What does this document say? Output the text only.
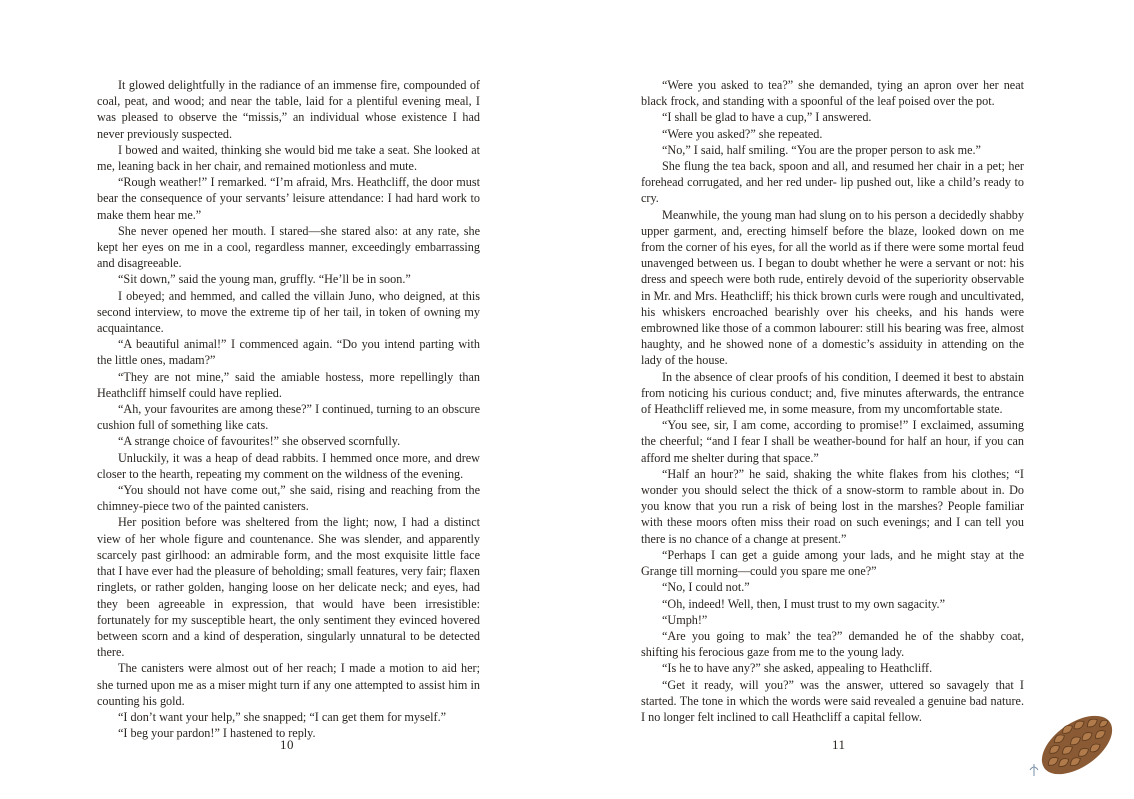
It glowed delightfully in the radiance of an immense fire, compounded of coal, peat, and wood; and near the table, laid for a plentiful evening meal, I was pleased to observe the “missis,” an individual whose existence I had never previously suspected.

I bowed and waited, thinking she would bid me take a seat. She looked at me, leaning back in her chair, and remained motionless and mute.

“Rough weather!” I remarked. “I’m afraid, Mrs. Heathcliff, the door must bear the consequence of your servants’ leisure attendance: I had hard work to make them hear me.”

She never opened her mouth. I stared—she stared also: at any rate, she kept her eyes on me in a cool, regardless manner, exceedingly embarrassing and disagreeable.

“Sit down,” said the young man, gruffly. “He’ll be in soon.”

I obeyed; and hemmed, and called the villain Juno, who deigned, at this second interview, to move the extreme tip of her tail, in token of owning my acquaintance.

“A beautiful animal!” I commenced again. “Do you intend parting with the little ones, madam?”

“They are not mine,” said the amiable hostess, more repellingly than Heathcliff himself could have replied.

“Ah, your favourites are among these?” I continued, turning to an obscure cushion full of something like cats.

“A strange choice of favourites!” she observed scornfully.

Unluckily, it was a heap of dead rabbits. I hemmed once more, and drew closer to the hearth, repeating my comment on the wildness of the evening.

“You should not have come out,” she said, rising and reaching from the chimney-piece two of the painted canisters.

Her position before was sheltered from the light; now, I had a distinct view of her whole figure and countenance. She was slender, and apparently scarcely past girlhood: an admirable form, and the most exquisite little face that I have ever had the pleasure of beholding; small features, very fair; flaxen ringlets, or rather golden, hanging loose on her delicate neck; and eyes, had they been agreeable in expression, that would have been irresistible: fortunately for my susceptible heart, the only sentiment they evinced hovered between scorn and a kind of desperation, singularly unnatural to be detected there.

The canisters were almost out of her reach; I made a motion to aid her; she turned upon me as a miser might turn if any one attempted to assist him in counting his gold.

“I don’t want your help,” she snapped; “I can get them for myself.”

“I beg your pardon!” I hastened to reply.

10

“Were you asked to tea?” she demanded, tying an apron over her neat black frock, and standing with a spoonful of the leaf poised over the pot.

“I shall be glad to have a cup,” I answered.

“Were you asked?” she repeated.

“No,” I said, half smiling. “You are the proper person to ask me.”

She flung the tea back, spoon and all, and resumed her chair in a pet; her forehead corrugated, and her red under- lip pushed out, like a child’s ready to cry.

Meanwhile, the young man had slung on to his person a decidedly shabby upper garment, and, erecting himself before the blaze, looked down on me from the corner of his eyes, for all the world as if there were some mortal feud unavenged between us. I began to doubt whether he were a servant or not: his dress and speech were both rude, entirely devoid of the superiority observable in Mr. and Mrs. Heathcliff; his thick brown curls were rough and uncultivated, his whiskers encroached bearishly over his cheeks, and his hands were embrowned like those of a common labourer: still his bearing was free, almost haughty, and he showed none of a domestic’s assiduity in attending on the lady of the house.

In the absence of clear proofs of his condition, I deemed it best to abstain from noticing his curious conduct; and, five minutes afterwards, the entrance of Heathcliff relieved me, in some measure, from my uncomfortable state.

“You see, sir, I am come, according to promise!” I exclaimed, assuming the cheerful; “and I fear I shall be weather-bound for half an hour, if you can afford me shelter during that space.”

“Half an hour?” he said, shaking the white flakes from his clothes; “I wonder you should select the thick of a snow-storm to ramble about in. Do you know that you run a risk of being lost in the marshes? People familiar with these moors often miss their road on such evenings; and I can tell you there is no chance of a change at present.”

“Perhaps I can get a guide among your lads, and he might stay at the Grange till morning—could you spare me one?”

“No, I could not.”

“Oh, indeed! Well, then, I must trust to my own sagacity.”

“Umph!”

“Are you going to mak’ the tea?” demanded he of the shabby coat, shifting his ferocious gaze from me to the young lady.

“Is he to have any?” she asked, appealing to Heathcliff.

“Get it ready, will you?” was the answer, uttered so savagely that I started. The tone in which the words were said revealed a genuine bad nature. I no longer felt inclined to call Heathcliff a capital fellow.

11
